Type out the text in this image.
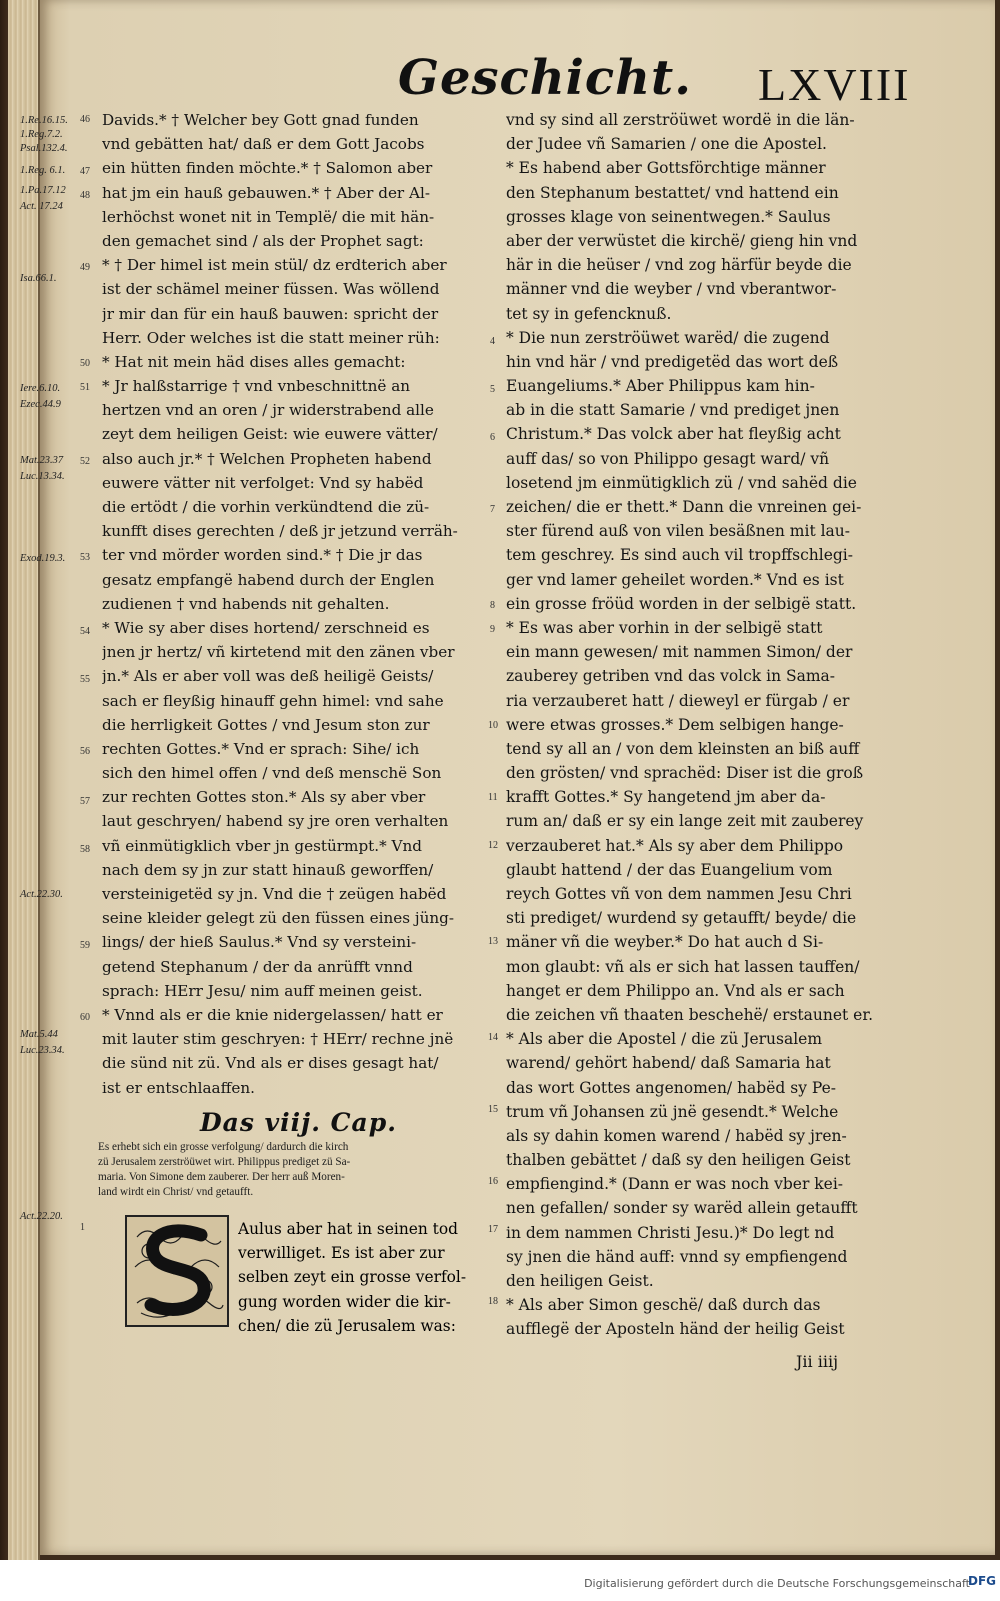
Geschicht. LXVIII
1.Re.16.15.
1.Reg.7.2.
Psal.132.4.
1.Reg. 6.1.
1.Pa.17.12
Act. 17.24
Isa.66.1.
Iere.6.10.
Ezec.44.9
Mat.23.37
Luc.13.34.
Exod.19.3.
Act.22.30.
Mat.5.44
Luc.23.34.
Act.22.20.
46
47
48
49
50
51
52
53
54
55
56
57
58
59
60
1
Davids.* † Welcher bey Gott gnad funden
vnd gebätten hat/ daß er dem Gott Jacobs
ein hütten finden möchte.* † Salomon aber
hat jm ein hauß gebauwen.* † Aber der Al-
lerhöchst wonet nit in Templë/ die mit hän-
den gemachet sind / als der Prophet sagt:
* † Der himel ist mein stül/ dz erdterich aber
ist der schämel meiner füssen. Was wöllend
jr mir dan für ein hauß bauwen: spricht der
Herr. Oder welches ist die statt meiner rüh:
* Hat nit mein häd dises alles gemacht:
* Jr halßstarrige † vnd vnbeschnittnë an
hertzen vnd an oren / jr widerstrabend alle
zeyt dem heiligen Geist: wie euwere vätter/
also auch jr.* † Welchen Propheten habend
euwere vätter nit verfolget: Vnd sy habëd
die ertödt / die vorhin verkündtend die zü-
kunfft dises gerechten / deß jr jetzund verräh-
ter vnd mörder worden sind.* † Die jr das
gesatz empfangë habend durch der Englen
zudienen † vnd habends nit gehalten.
* Wie sy aber dises hortend/ zerschneid es
jnen jr hertz/ vñ kirtetend mit den zänen vber
jn.* Als er aber voll was deß heiligë Geists/
sach er fleyßig hinauff gehn himel: vnd sahe
die herrligkeit Gottes / vnd Jesum ston zur
rechten Gottes.* Vnd er sprach: Sihe/ ich
sich den himel offen / vnd deß menschë Son
zur rechten Gottes ston.* Als sy aber vber
laut geschryen/ habend sy jre oren verhalten
vñ einmütigklich vber jn gestürmpt.* Vnd
nach dem sy jn zur statt hinauß geworffen/
versteinigetëd sy jn. Vnd die † zeügen habëd
seine kleider gelegt zü den füssen eines jüng-
lings/ der hieß Saulus.* Vnd sy versteini-
getend Stephanum / der da anrüfft vnnd
sprach: HErr Jesu/ nim auff meinen geist.
* Vnnd als er die knie nidergelassen/ hatt er
mit lauter stim geschryen: † HErr/ rechne jnë
die sünd nit zü. Vnd als er dises gesagt hat/
ist er entschlaaffen.
Das viij. Cap.
Es erhebt sich ein grosse verfolgung/ dardurch die kirch
zü Jerusalem zerströüwet wirt. Philippus prediget zü Sa-
maria. Von Simone dem zauberer. Der herr auß Moren-
land wirdt ein Christ/ vnd getaufft.
Aulus aber hat in seinen tod
verwilliget. Es ist aber zur
selben zeyt ein grosse verfol-
gung worden wider die kir-
chen/ die zü Jerusalem was:
vnd sy sind all zerströüwet wordë in die län-
der Judee vñ Samarien / one die Apostel.
* Es habend aber Gottsförchtige männer
den Stephanum bestattet/ vnd hattend ein
grosses klage von seinentwegen.* Saulus
aber der verwüstet die kirchë/ gieng hin vnd
här in die heüser / vnd zog härfür beyde die
männer vnd die weyber / vnd vberantwor-
tet sy in gefencknuß.
* Die nun zerströüwet warëd/ die zugend
hin vnd här / vnd predigetëd das wort deß
Euangeliums.* Aber Philippus kam hin-
ab in die statt Samarie / vnd prediget jnen
Christum.* Das volck aber hat fleyßig acht
auff das/ so von Philippo gesagt ward/ vñ
losetend jm einmütigklich zü / vnd sahëd die
zeichen/ die er thett.* Dann die vnreinen gei-
ster fürend auß von vilen besäßnen mit lau-
tem geschrey. Es sind auch vil tropffschlegi-
ger vnd lamer geheilet worden.* Vnd es ist
ein grosse fröüd worden in der selbigë statt.
* Es was aber vorhin in der selbigë statt
ein mann gewesen/ mit nammen Simon/ der
zauberey getriben vnd das volck in Sama-
ria verzauberet hatt / dieweyl er fürgab / er
were etwas grosses.* Dem selbigen hange-
tend sy all an / von dem kleinsten an biß auff
den grösten/ vnd sprachëd: Diser ist die groß
krafft Gottes.* Sy hangetend jm aber da-
rum an/ daß er sy ein lange zeit mit zauberey
verzauberet hat.* Als sy aber dem Philippo
glaubt hattend / der das Euangelium vom
reych Gottes vñ von dem nammen Jesu Chri
sti prediget/ wurdend sy getaufft/ beyde/ die
mäner vñ die weyber.* Do hat auch d Si-
mon glaubt: vñ als er sich hat lassen tauffen/
hanget er dem Philippo an. Vnd als er sach
die zeichen vñ thaaten beschehë/ erstaunet er.
* Als aber die Apostel / die zü Jerusalem
warend/ gehört habend/ daß Samaria hat
das wort Gottes angenomen/ habëd sy Pe-
trum vñ Johansen zü jnë gesendt.* Welche
als sy dahin komen warend / habëd sy jren-
thalben gebättet / daß sy den heiligen Geist
empfiengind.* (Dann er was noch vber kei-
nen gefallen/ sonder sy warëd allein getaufft
in dem nammen Christi Jesu.)* Do legt nd
sy jnen die händ auff: vnnd sy empfiengend
den heiligen Geist.
* Als aber Simon geschë/ daß durch das
aufflegë der Aposteln händ der heilig Geist
4
5
6
7
8
9
10
11
12
13
14
15
16
17
18
Jii iiij
Digitalisierung gefördert durch die Deutsche Forschungsgemeinschaft
DFG
